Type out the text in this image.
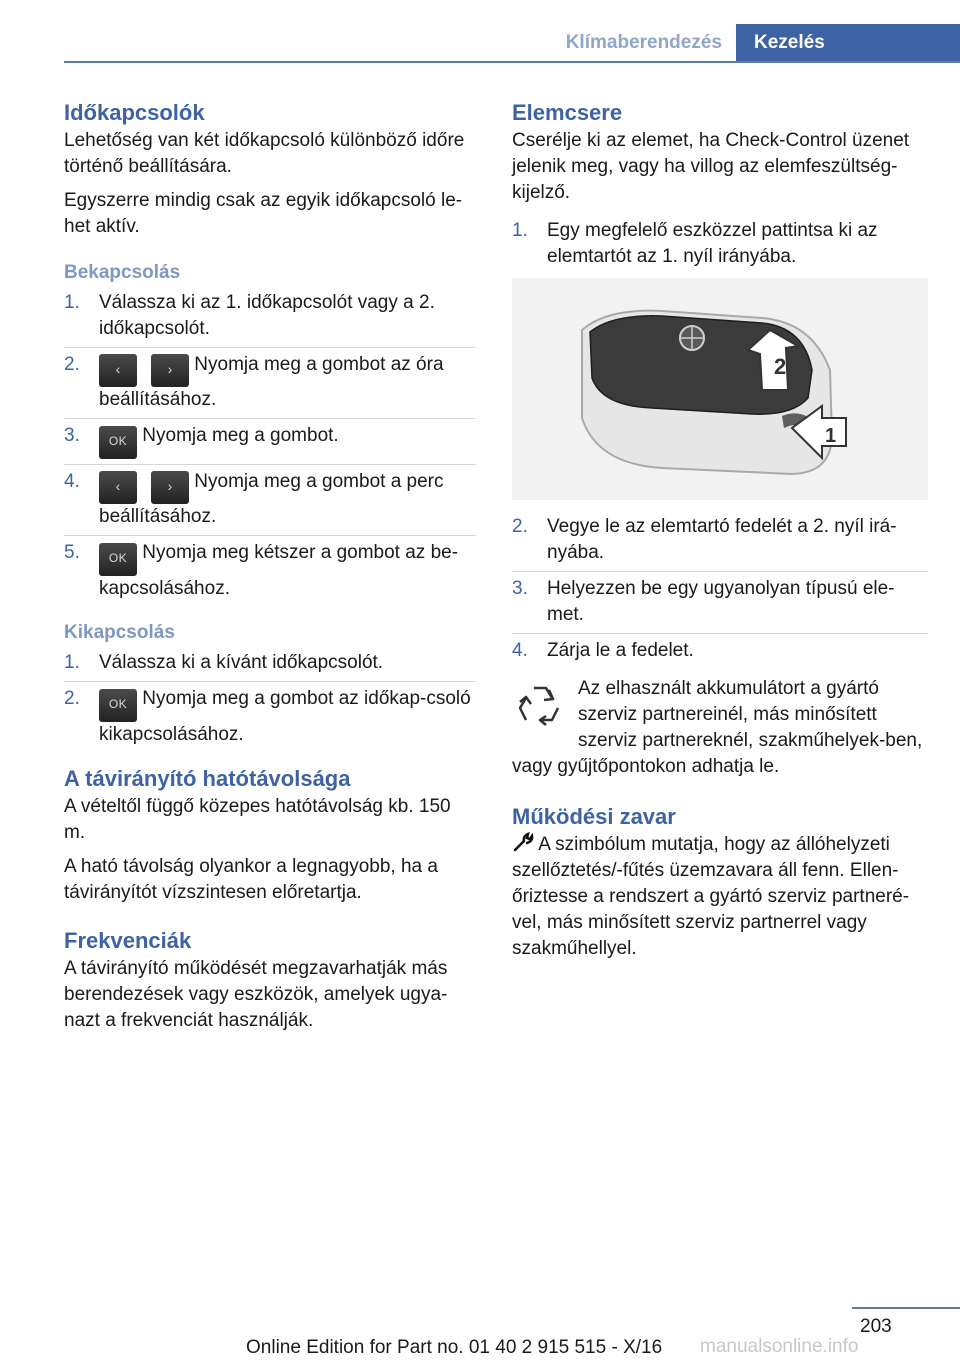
Klímaberendezés	Kezelés
Időkapcsolók

Lehetőség van két időkapcsoló különböző időre történő beállítására.

Egyszerre mindig csak az egyik időkapcsoló le-het aktív.

Bekapcsolás
1. Válassza ki az 1. időkapcsolót vagy a 2. időkapcsolót.
2.	‹	› Nyomja meg a gombot az óra beállításához.
3. OK Nyomja meg a gombot.
4.	‹	› Nyomja meg a gombot a perc beállításához.
5. OK Nyomja meg kétszer a gombot az be-kapcsolásához.
Kikapcsolás
1. Válassza ki a kívánt időkapcsolót.
2. OK Nyomja meg a gombot az időkap-csoló kikapcsolásához.
A távirányító hatótávolsága

A vételtől függő közepes hatótávolság kb. 150 m.

A ható távolság olyankor a legnagyobb, ha a távirányítót vízszintesen előretartja.

Frekvenciák

A távirányító működését megzavarhatják más berendezések vagy eszközök, amelyek ugya-nazt a frekvenciát használják.

Elemcsere

Cserélje ki az elemet, ha Check-Control üzenet jelenik meg, vagy ha villog az elemfeszültség-kijelző.

1. Egy megfelelő eszközzel pattintsa ki az elemtartót az 1. nyíl irányába.
2
1
2. Vegye le az elemtartó fedelét a 2. nyíl irá-nyába.
3. Helyezzen be egy ugyanolyan típusú ele-met.
4. Zárja le a fedelet.
Az elhasznált akkumulátort a gyártó szerviz partnereinél, más minősített szerviz partnereknél, szakműhelyek-ben, vagy gyűjtőpontokon adhatja le.
Működési zavar

A szimbólum mutatja, hogy az állóhelyzeti szellőztetés/-fűtés üzemzavara áll fenn. Ellen-őriztesse a rendszert a gyártó szerviz partneré-vel, más minősített szerviz partnerrel vagy szakműhellyel.

203
Online Edition for Part no. 01 40 2 915 515 - X/16 manualsonline.info
